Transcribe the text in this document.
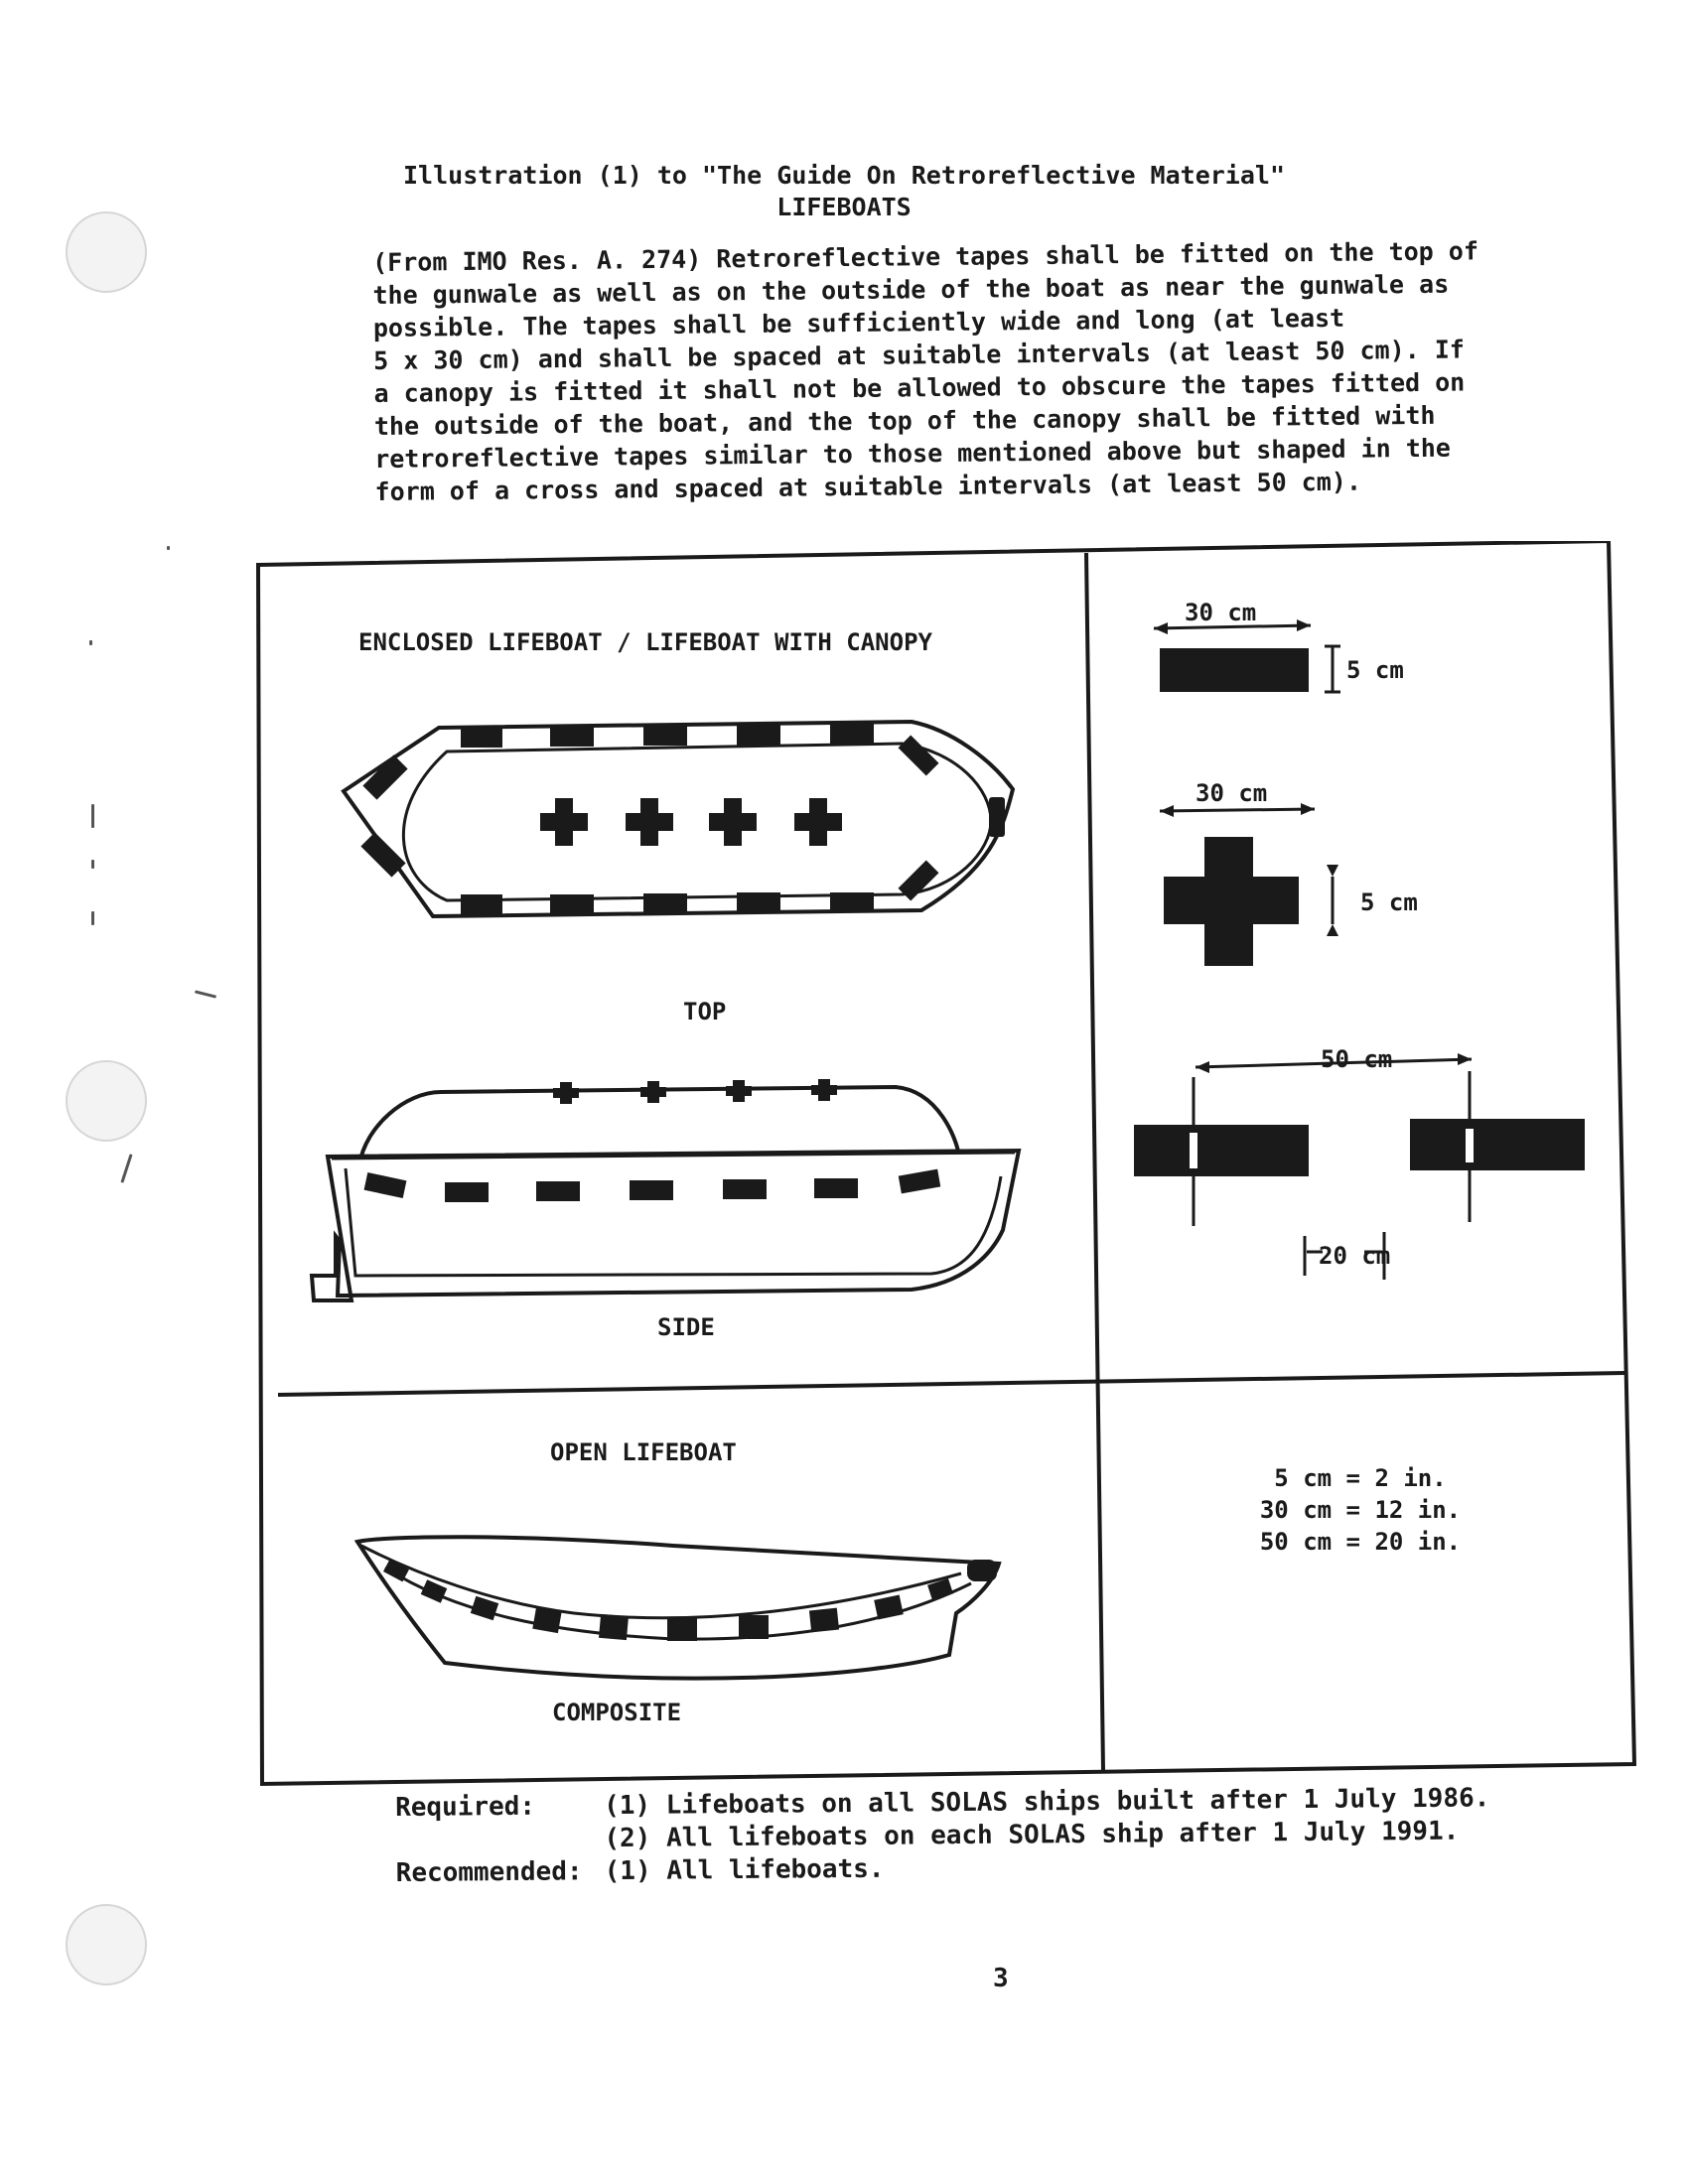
Illustration (1) to "The Guide On Retroreflective Material"
LIFEBOATS

(From IMO Res. A. 274) Retroreflective tapes shall be fitted on the top of

the gunwale as well as on the outside of the boat as near the gunwale as

possible. The tapes shall be sufficiently wide and long (at least

5 x 30 cm) and shall be spaced at suitable intervals (at least 50 cm). If

a canopy is fitted it shall not be allowed to obscure the tapes fitted on

the outside of the boat, and the top of the canopy shall be fitted with

retroreflective tapes similar to those mentioned above but shaped in the

form of a cross and spaced at suitable intervals (at least 50 cm).

ENCLOSED LIFEBOAT / LIFEBOAT WITH CANOPY
TOP
SIDE
OPEN LIFEBOAT
COMPOSITE
30 cm
5 cm
30 cm
5 cm
50 cm
20 cm
5 cm = 2 in.
30 cm = 12 in.
50 cm = 20 in.
Required:	(1) Lifeboats on all SOLAS ships built after 1 July 1986.
(2) All lifeboats on each SOLAS ship after 1 July 1991.
Recommended: (1) All lifeboats.
3
